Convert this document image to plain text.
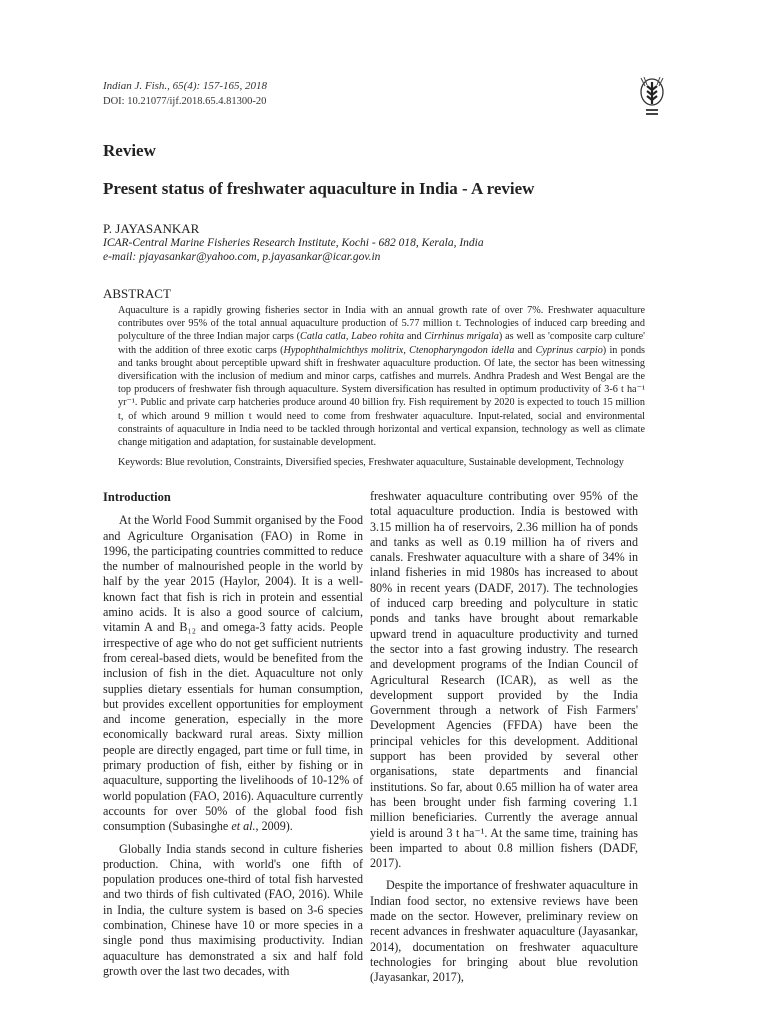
Indian J. Fish., 65(4): 157-165, 2018
DOI: 10.21077/ijf.2018.65.4.81300-20
Review
Present status of freshwater aquaculture in India - A review
P. JAYASANKAR
ICAR-Central Marine Fisheries Research Institute, Kochi - 682 018, Kerala, India
e-mail: pjayasankar@yahoo.com, p.jayasankar@icar.gov.in
ABSTRACT
Aquaculture is a rapidly growing fisheries sector in India with an annual growth rate of over 7%. Freshwater aquaculture contributes over 95% of the total annual aquaculture production of 5.77 million t. Technologies of induced carp breeding and polyculture of the three Indian major carps (Catla catla, Labeo rohita and Cirrhinus mrigala) as well as 'composite carp culture' with the addition of three exotic carps (Hypophthalmichthys molitrix, Ctenopharyngodon idella and Cyprinus carpio) in ponds and tanks brought about perceptible upward shift in freshwater aquaculture production. Of late, the sector has been witnessing diversification with the inclusion of medium and minor carps, catfishes and murrels. Andhra Pradesh and West Bengal are the top producers of freshwater fish through aquaculture. System diversification has resulted in optimum productivity of 3-6 t ha⁻¹ yr⁻¹. Public and private carp hatcheries produce around 40 billion fry. Fish requirement by 2020 is expected to touch 15 million t, of which around 9 million t would need to come from freshwater aquaculture. Input-related, social and environmental constraints of aquaculture in India need to be tackled through horizontal and vertical expansion, technology as well as climate change mitigation and adaptation, for sustainable development.
Keywords: Blue revolution, Constraints, Diversified species, Freshwater aquaculture, Sustainable development, Technology
Introduction

At the World Food Summit organised by the Food and Agriculture Organisation (FAO) in Rome in 1996, the participating countries committed to reduce the number of malnourished people in the world by half by the year 2015 (Haylor, 2004). It is a well-known fact that fish is rich in protein and essential amino acids. It is also a good source of calcium, vitamin A and B₁₂ and omega-3 fatty acids. People irrespective of age who do not get sufficient nutrients from cereal-based diets, would be benefited from the inclusion of fish in the diet. Aquaculture not only supplies dietary essentials for human consumption, but provides excellent opportunities for employment and income generation, especially in the more economically backward rural areas. Sixty million people are directly engaged, part time or full time, in primary production of fish, either by fishing or in aquaculture, supporting the livelihoods of 10-12% of world population (FAO, 2016). Aquaculture currently accounts for over 50% of the global food fish consumption (Subasinghe et al., 2009).

Globally India stands second in culture fisheries production. China, with world's one fifth of population produces one-third of total fish harvested and two thirds of fish cultivated (FAO, 2016). While in India, the culture system is based on 3-6 species combination, Chinese have 10 or more species in a single pond thus maximising productivity. Indian aquaculture has demonstrated a six and half fold growth over the last two decades, with

freshwater aquaculture contributing over 95% of the total aquaculture production. India is bestowed with 3.15 million ha of reservoirs, 2.36 million ha of ponds and tanks as well as 0.19 million ha of rivers and canals. Freshwater aquaculture with a share of 34% in inland fisheries in mid 1980s has increased to about 80% in recent years (DADF, 2017). The technologies of induced carp breeding and polyculture in static ponds and tanks have brought about remarkable upward trend in aquaculture productivity and turned the sector into a fast growing industry. The research and development programs of the Indian Council of Agricultural Research (ICAR), as well as the development support provided by the India Government through a network of Fish Farmers' Development Agencies (FFDA) have been the principal vehicles for this development. Additional support has been provided by several other organisations, state departments and financial institutions. So far, about 0.65 million ha of water area has been brought under fish farming covering 1.1 million beneficiaries. Currently the average annual yield is around 3 t ha⁻¹. At the same time, training has been imparted to about 0.8 million fishers (DADF, 2017).

Despite the importance of freshwater aquaculture in Indian food sector, no extensive reviews have been made on the sector. However, preliminary review on recent advances in freshwater aquaculture (Jayasankar, 2014), documentation on freshwater aquaculture technologies for bringing about blue revolution (Jayasankar, 2017),
